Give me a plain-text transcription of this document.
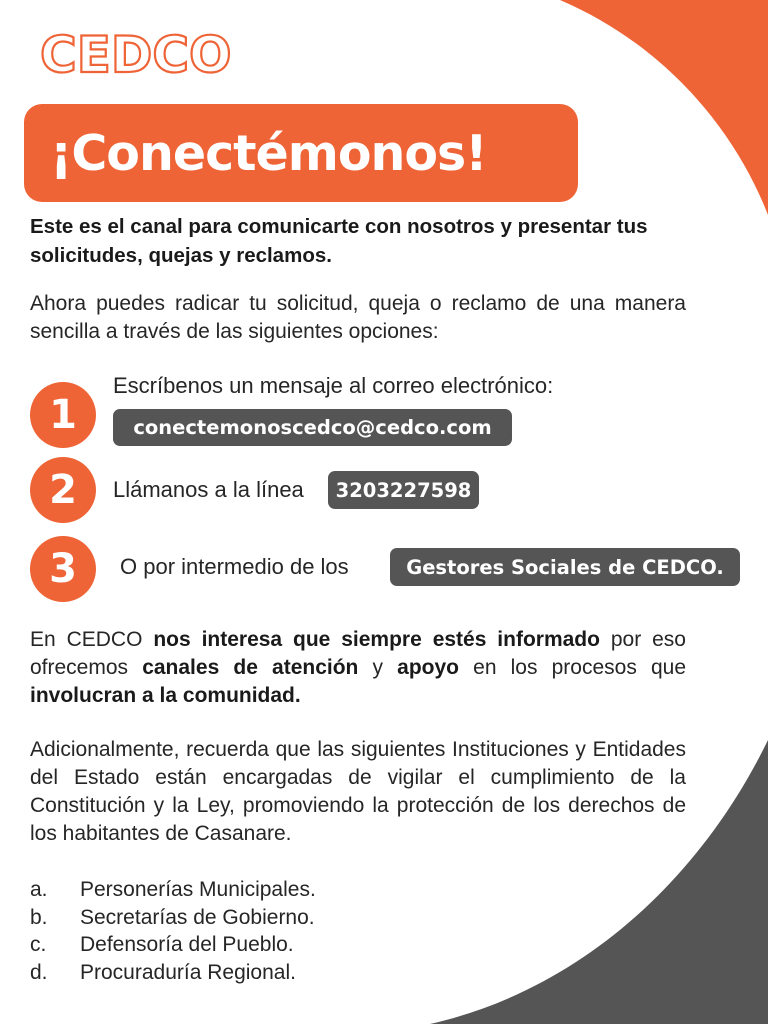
CEDCO
¡Conectémonos!
Este es el canal para comunicarte con nosotros y presentar tus solicitudes, quejas y reclamos.
Ahora puedes radicar tu solicitud, queja o reclamo de una manera sencilla a través de las siguientes opciones:
1
Escríbenos un mensaje al correo electrónico:
conectemonoscedco@cedco.com
2	Llámanos a la línea	3203227598
3	O por intermedio de los	Gestores Sociales de CEDCO.
En CEDCO nos interesa que siempre estés informado por eso ofrecemos canales de atención y apoyo en los procesos que involucran a la comunidad.
Adicionalmente, recuerda que las siguientes Instituciones y Entidades del Estado están encargadas de vigilar el cumplimiento de la Constitución y la Ley, promoviendo la protección de los derechos de los habitantes de Casanare.
a.	Personerías Municipales.
b.	Secretarías de Gobierno.
c.	Defensoría del Pueblo.
d.	Procuraduría Regional.
